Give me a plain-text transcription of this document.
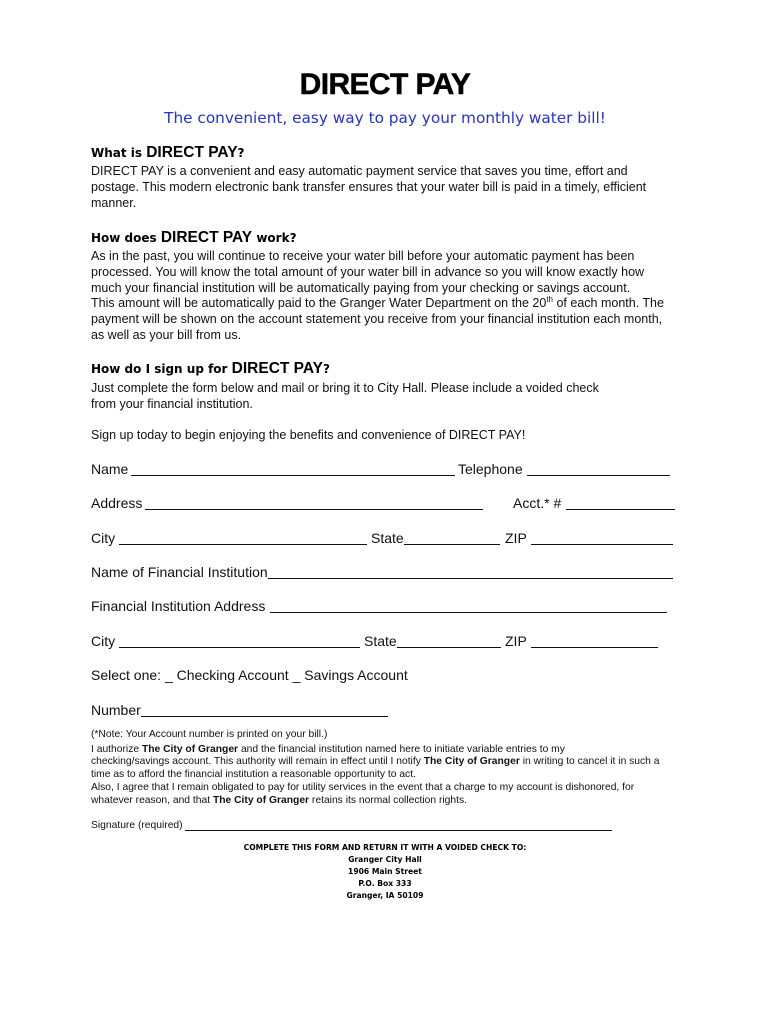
DIRECT PAY
The convenient, easy way to pay your monthly water bill!
What is DIRECT PAY?
DIRECT PAY is a convenient and easy automatic payment service that saves you time, effort and
postage. This modern electronic bank transfer ensures that your water bill is paid in a timely, efficient
manner.
How does DIRECT PAY work?
As in the past, you will continue to receive your water bill before your automatic payment has been
processed. You will know the total amount of your water bill in advance so you will know exactly how
much your financial institution will be automatically paying from your checking or savings account.
This amount will be automatically paid to the Granger Water Department on the 20th of each month. The
payment will be shown on the account statement you receive from your financial institution each month,
as well as your bill from us.
How do I sign up for DIRECT PAY?
Just complete the form below and mail or bring it to City Hall. Please include a voided check
from your financial institution.
Sign up today to begin enjoying the benefits and convenience of DIRECT PAY!
Name	Telephone
Address	Acct.* #
City	State	ZIP
Name of Financial Institution
Financial Institution Address
City	State	ZIP
Select one: _ Checking Account _ Savings Account
Number
(*Note: Your Account number is printed on your bill.)
I authorize The City of Granger and the financial institution named here to initiate variable entries to my
checking/savings account. This authority will remain in effect until I notify The City of Granger in writing to cancel it in such a
time as to afford the financial institution a reasonable opportunity to act.
Also, I agree that I remain obligated to pay for utility services in the event that a charge to my account is dishonored, for
whatever reason, and that The City of Granger retains its normal collection rights.
Signature (required)
COMPLETE THIS FORM AND RETURN IT WITH A VOIDED CHECK TO:
Granger City Hall
1906 Main Street
P.O. Box 333
Granger, IA 50109
